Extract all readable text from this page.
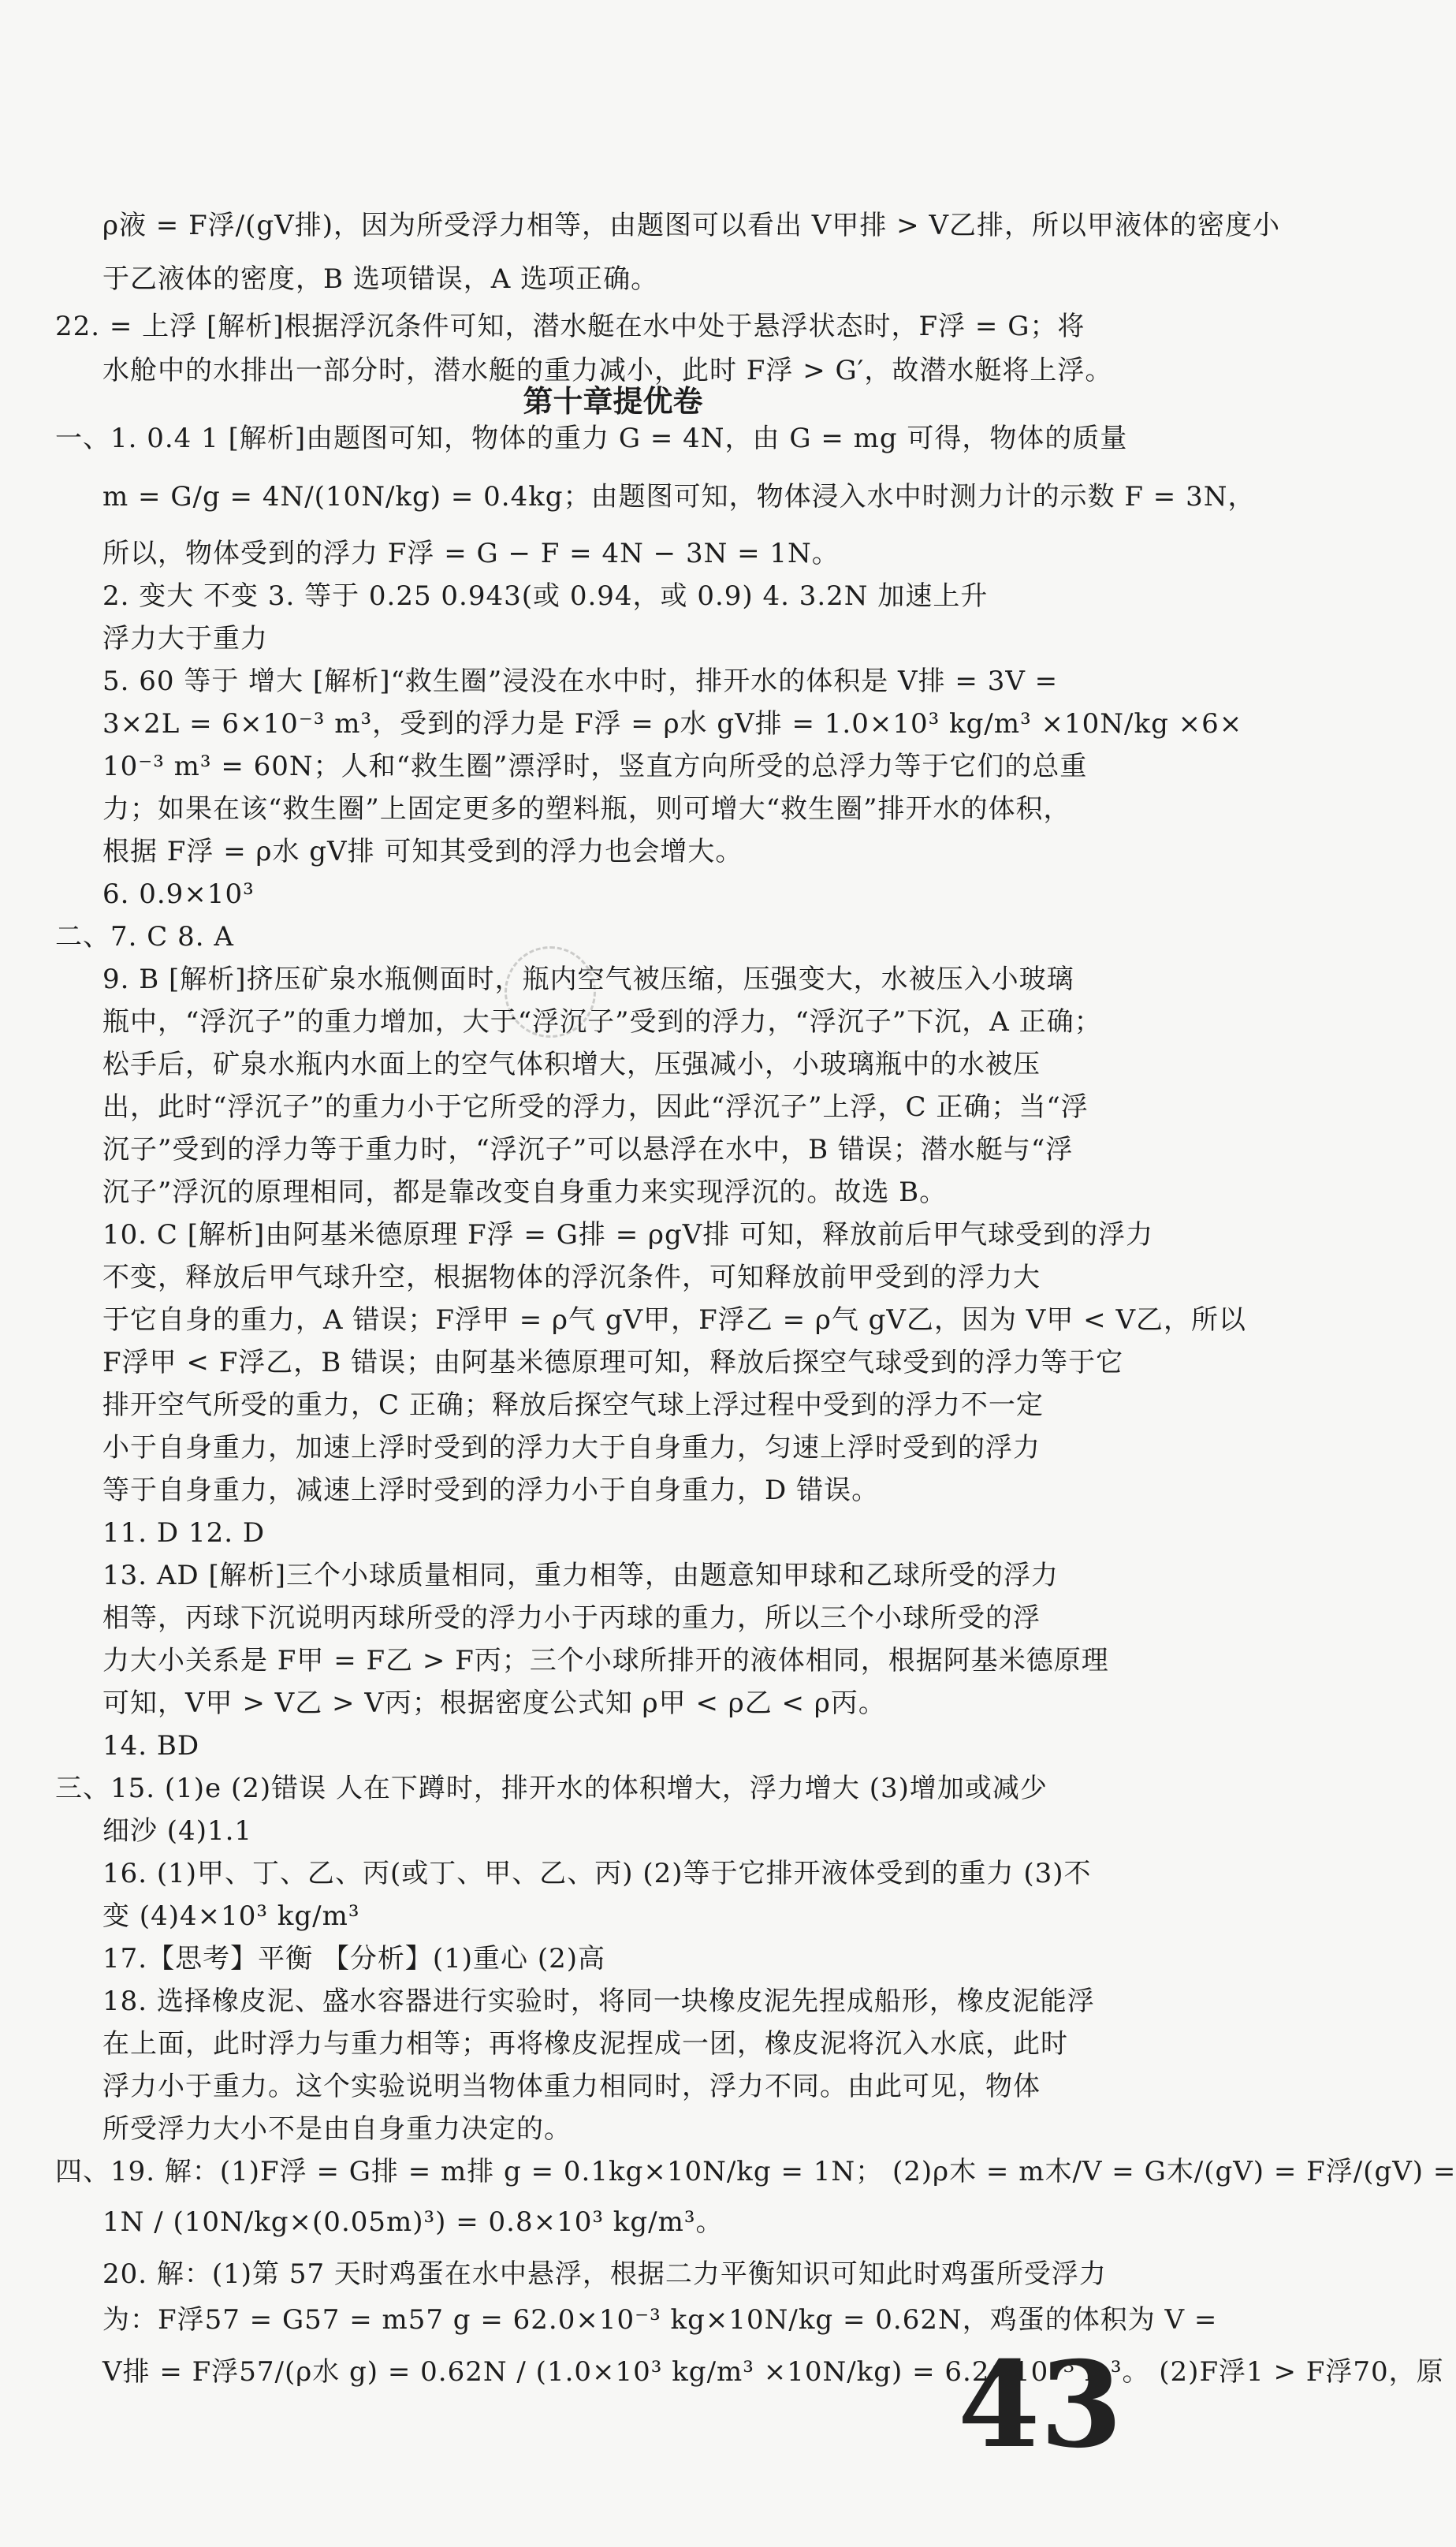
ρ液 = F浮/(gV排)，因为所受浮力相等，由题图可以看出 V甲排 > V乙排，所以甲液体的密度小
于乙液体的密度，B 选项错误，A 选项正确。
22. = 上浮 [解析]根据浮沉条件可知，潜水艇在水中处于悬浮状态时，F浮 = G；将
水舱中的水排出一部分时，潜水艇的重力减小，此时 F浮 > G′，故潜水艇将上浮。
第十章提优卷
一、1. 0.4 1 [解析]由题图可知，物体的重力 G = 4N，由 G = mg 可得，物体的质量
m = G/g = 4N/(10N/kg) = 0.4kg；由题图可知，物体浸入水中时测力计的示数 F = 3N，
所以，物体受到的浮力 F浮 = G − F = 4N − 3N = 1N。
2. 变大 不变 3. 等于 0.25 0.943(或 0.94，或 0.9) 4. 3.2N 加速上升
浮力大于重力
5. 60 等于 增大 [解析]“救生圈”浸没在水中时，排开水的体积是 V排 = 3V =
3×2L = 6×10⁻³ m³，受到的浮力是 F浮 = ρ水 gV排 = 1.0×10³ kg/m³ ×10N/kg ×6×
10⁻³ m³ = 60N；人和“救生圈”漂浮时，竖直方向所受的总浮力等于它们的总重
力；如果在该“救生圈”上固定更多的塑料瓶，则可增大“救生圈”排开水的体积，
根据 F浮 = ρ水 gV排 可知其受到的浮力也会增大。
6. 0.9×10³
二、7. C 8. A
9. B [解析]挤压矿泉水瓶侧面时，瓶内空气被压缩，压强变大，水被压入小玻璃
瓶中，“浮沉子”的重力增加，大于“浮沉子”受到的浮力，“浮沉子”下沉，A 正确；
松手后，矿泉水瓶内水面上的空气体积增大，压强减小，小玻璃瓶中的水被压
出，此时“浮沉子”的重力小于它所受的浮力，因此“浮沉子”上浮，C 正确；当“浮
沉子”受到的浮力等于重力时，“浮沉子”可以悬浮在水中，B 错误；潜水艇与“浮
沉子”浮沉的原理相同，都是靠改变自身重力来实现浮沉的。故选 B。
10. C [解析]由阿基米德原理 F浮 = G排 = ρgV排 可知，释放前后甲气球受到的浮力
不变，释放后甲气球升空，根据物体的浮沉条件，可知释放前甲受到的浮力大
于它自身的重力，A 错误；F浮甲 = ρ气 gV甲，F浮乙 = ρ气 gV乙，因为 V甲 < V乙，所以
F浮甲 < F浮乙，B 错误；由阿基米德原理可知，释放后探空气球受到的浮力等于它
排开空气所受的重力，C 正确；释放后探空气球上浮过程中受到的浮力不一定
小于自身重力，加速上浮时受到的浮力大于自身重力，匀速上浮时受到的浮力
等于自身重力，减速上浮时受到的浮力小于自身重力，D 错误。
11. D 12. D
13. AD [解析]三个小球质量相同，重力相等，由题意知甲球和乙球所受的浮力
相等，丙球下沉说明丙球所受的浮力小于丙球的重力，所以三个小球所受的浮
力大小关系是 F甲 = F乙 > F丙；三个小球所排开的液体相同，根据阿基米德原理
可知，V甲 > V乙 > V丙；根据密度公式知 ρ甲 < ρ乙 < ρ丙。
14. BD
三、15. (1)e (2)错误 人在下蹲时，排开水的体积增大，浮力增大 (3)增加或减少
细沙 (4)1.1
16. (1)甲、丁、乙、丙(或丁、甲、乙、丙) (2)等于它排开液体受到的重力 (3)不
变 (4)4×10³ kg/m³
17.【思考】平衡 【分析】(1)重心 (2)高
18. 选择橡皮泥、盛水容器进行实验时，将同一块橡皮泥先捏成船形，橡皮泥能浮
在上面，此时浮力与重力相等；再将橡皮泥捏成一团，橡皮泥将沉入水底，此时
浮力小于重力。这个实验说明当物体重力相同时，浮力不同。由此可见，物体
所受浮力大小不是由自身重力决定的。
四、19. 解：(1)F浮 = G排 = m排 g = 0.1kg×10N/kg = 1N； (2)ρ木 = m木/V = G木/(gV) = F浮/(gV) =
1N / (10N/kg×(0.05m)³) = 0.8×10³ kg/m³。
20. 解：(1)第 57 天时鸡蛋在水中悬浮，根据二力平衡知识可知此时鸡蛋所受浮力
为：F浮57 = G57 = m57 g = 62.0×10⁻³ kg×10N/kg = 0.62N，鸡蛋的体积为 V =
V排 = F浮57/(ρ水 g) = 0.62N / (1.0×10³ kg/m³ ×10N/kg) = 6.2×10⁻⁵ m³。 (2)F浮1 > F浮70，原
43
